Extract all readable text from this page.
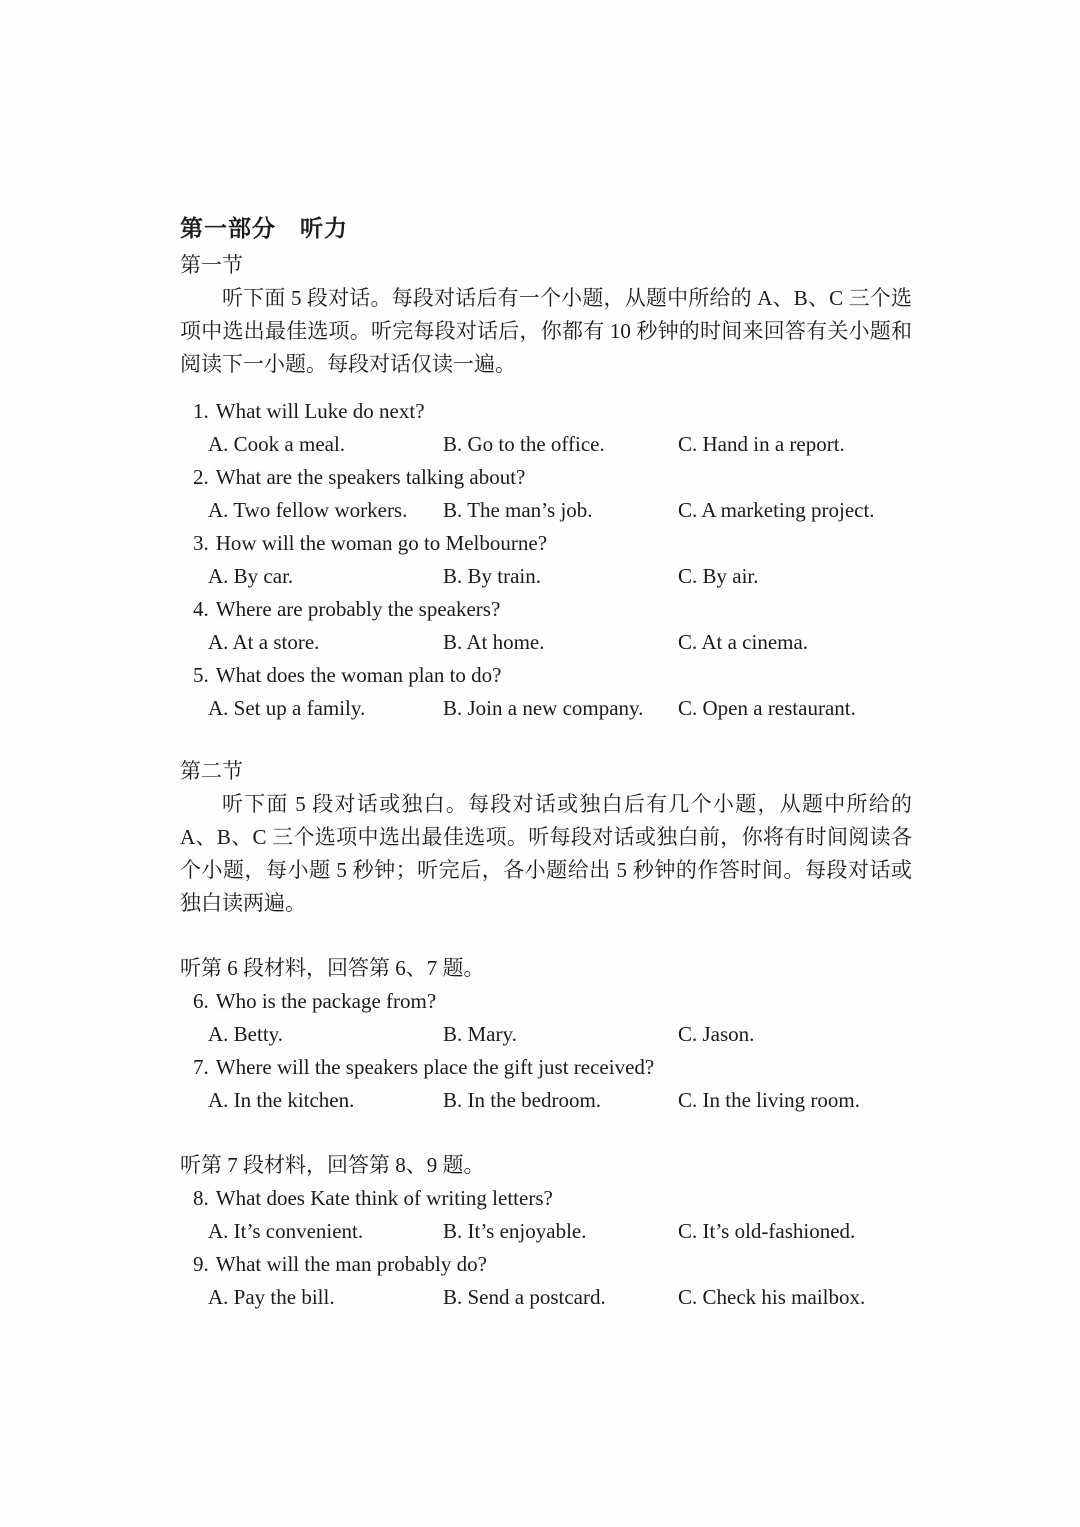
第一部分　听力

第一节

听下面 5 段对话。每段对话后有一个小题，从题中所给的 A、B、C 三个选项中选出最佳选项。听完每段对话后，你都有 10 秒钟的时间来回答有关小题和阅读下一小题。每段对话仅读一遍。

1. What will Luke do next?
A. Cook a meal.	B. Go to the office.	C. Hand in a report.
2. What are the speakers talking about?
A. Two fellow workers.	B. The man’s job.	C. A marketing project.
3. How will the woman go to Melbourne?
A. By car.	B. By train.	C. By air.
4. Where are probably the speakers?
A. At a store.	B. At home.	C. At a cinema.
5. What does the woman plan to do?
A. Set up a family.	B. Join a new company.	C. Open a restaurant.

第二节

听下面 5 段对话或独白。每段对话或独白后有几个小题，从题中所给的 A、B、C 三个选项中选出最佳选项。听每段对话或独白前，你将有时间阅读各个小题，每小题 5 秒钟；听完后，各小题给出 5 秒钟的作答时间。每段对话或独白读两遍。

听第 6 段材料，回答第 6、7 题。
6. Who is the package from?
A. Betty.	B. Mary.	C. Jason.
7. Where will the speakers place the gift just received?
A. In the kitchen.	B. In the bedroom.	C. In the living room.
听第 7 段材料，回答第 8、9 题。
8. What does Kate think of writing letters?
A. It’s convenient.	B. It’s enjoyable.	C. It’s old-fashioned.
9. What will the man probably do?
A. Pay the bill.	B. Send a postcard.	C. Check his mailbox.
